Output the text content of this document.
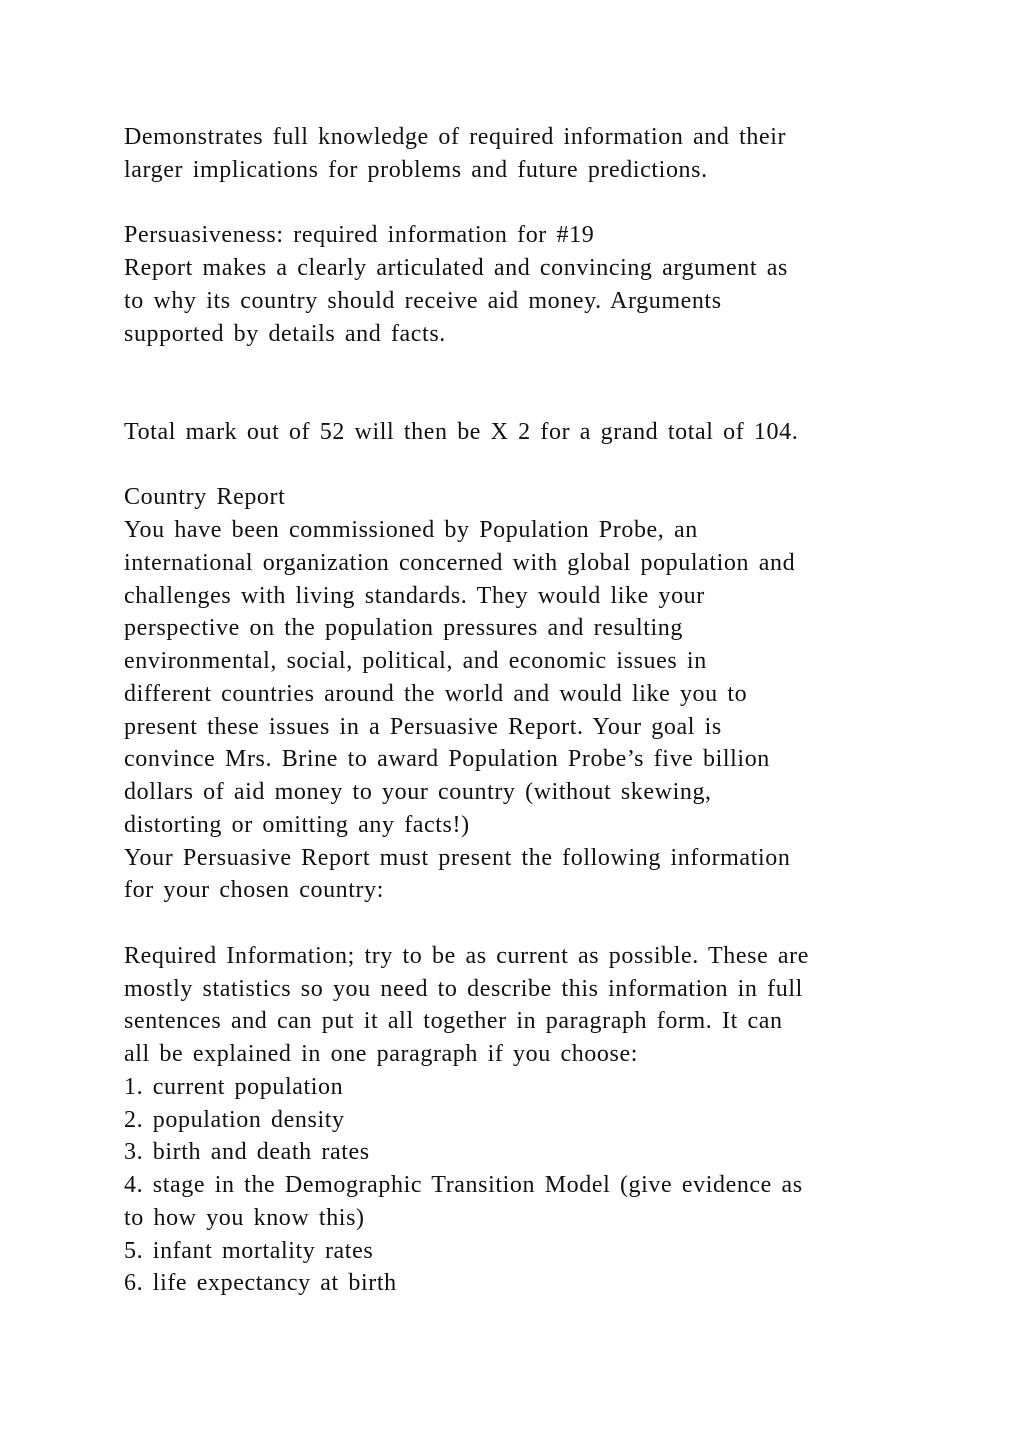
Demonstrates full knowledge of required information and their
larger implications for problems and future predictions.
Persuasiveness: required information for #19
Report makes a clearly articulated and convincing argument as
to why its country should receive aid money. Arguments
supported by details and facts.
Total mark out of 52 will then be X 2 for a grand total of 104.
Country Report
You have been commissioned by Population Probe, an
international organization concerned with global population and
challenges with living standards. They would like your
perspective on the population pressures and resulting
environmental, social, political, and economic issues in
different countries around the world and would like you to
present these issues in a Persuasive Report. Your goal is
convince Mrs. Brine to award Population Probe’s five billion
dollars of aid money to your country (without skewing,
distorting or omitting any facts!)
Your Persuasive Report must present the following information
for your chosen country:
Required Information; try to be as current as possible. These are
mostly statistics so you need to describe this information in full
sentences and can put it all together in paragraph form. It can
all be explained in one paragraph if you choose:
1. current population
2. population density
3. birth and death rates
4. stage in the Demographic Transition Model (give evidence as
to how you know this)
5. infant mortality rates
6. life expectancy at birth
